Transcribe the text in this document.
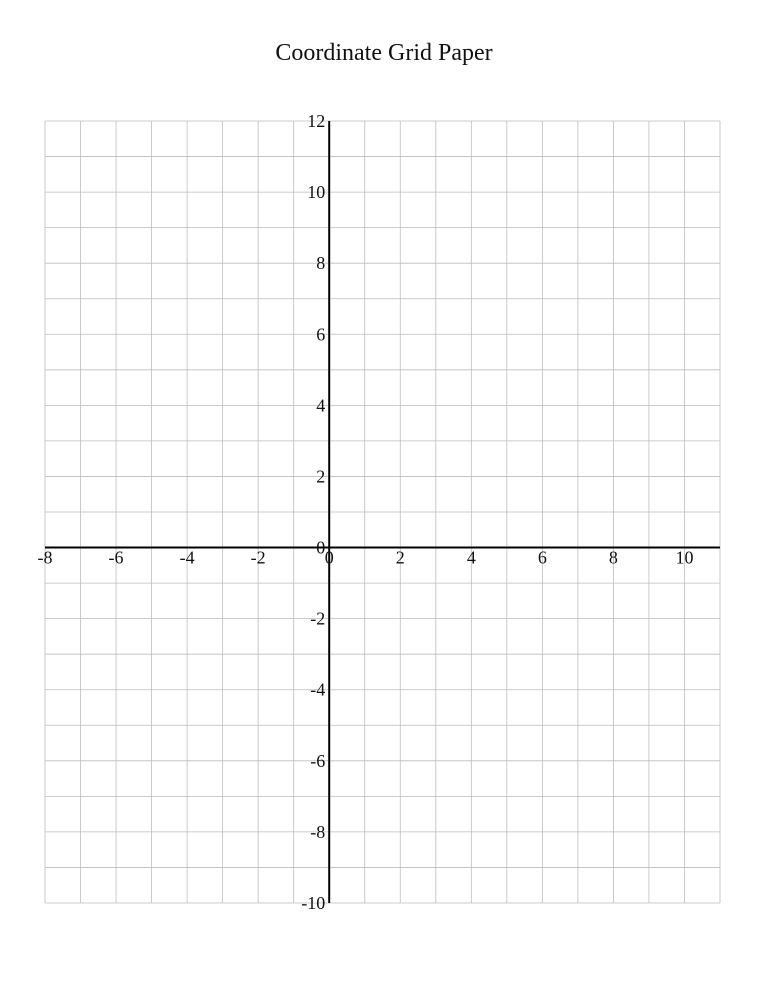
Coordinate Grid Paper
-8	-6	-4	-2	0	2	4	6	8	10
12
10
8
6
4
2
0
-2
-4
-6
-8
-10
